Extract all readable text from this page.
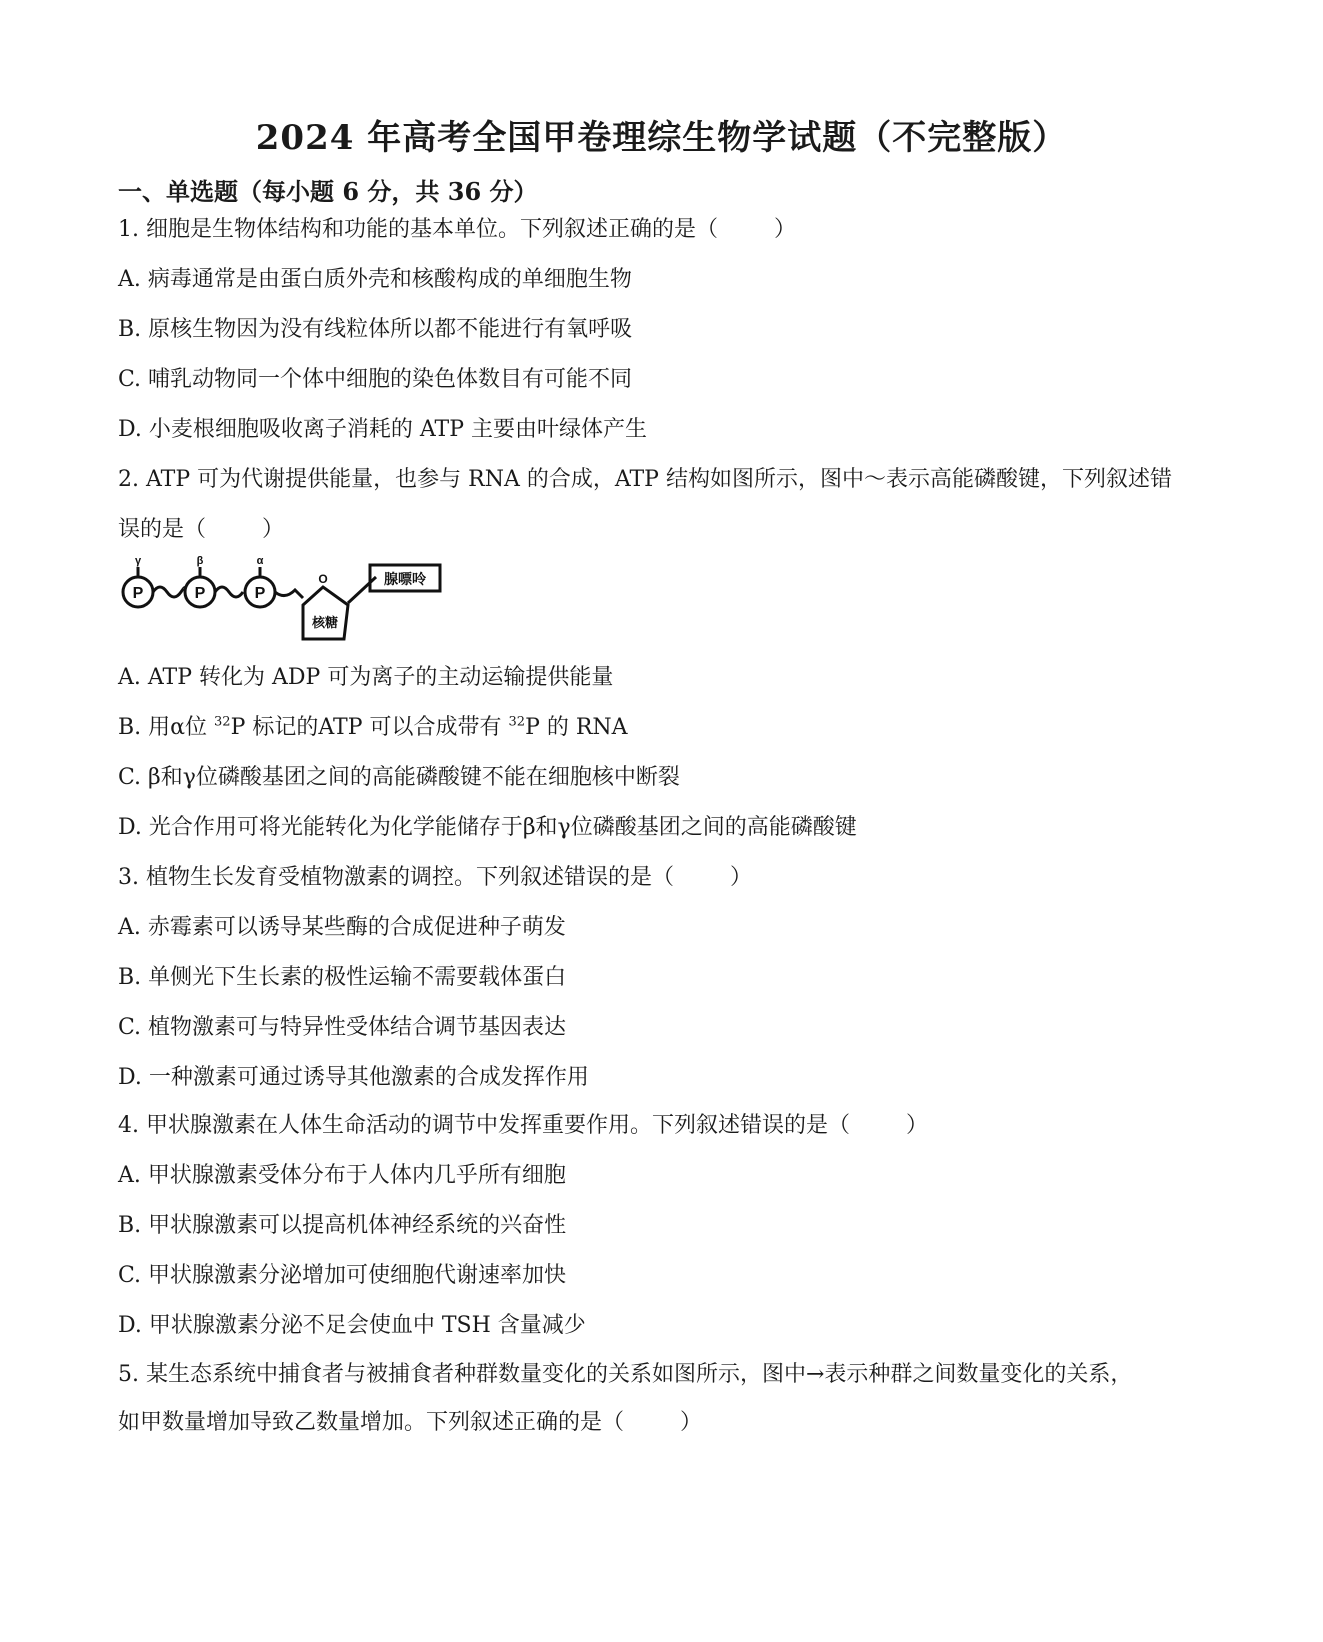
2024 年高考全国甲卷理综生物学试题（不完整版）
一、单选题（每小题 6 分，共 36 分）
1. 细胞是生物体结构和功能的基本单位。下列叙述正确的是（	）
A. 病毒通常是由蛋白质外壳和核酸构成的单细胞生物
B. 原核生物因为没有线粒体所以都不能进行有氧呼吸
C. 哺乳动物同一个体中细胞的染色体数目有可能不同
D. 小麦根细胞吸收离子消耗的 ATP 主要由叶绿体产生
2. ATP 可为代谢提供能量，也参与 RNA 的合成，ATP 结构如图所示，图中～表示高能磷酸键，下列叙述错
误的是（	）
P	P	P
γ	β	α
O
核糖
腺嘌呤
A. ATP 转化为 ADP 可为离子的主动运输提供能量
B. 用α位 $^{32}$P 标记的ATP 可以合成带有 $^{32}$P 的 RNA
C. β和γ位磷酸基团之间的高能磷酸键不能在细胞核中断裂
D. 光合作用可将光能转化为化学能储存于β和γ位磷酸基团之间的高能磷酸键
3. 植物生长发育受植物激素的调控。下列叙述错误的是（	）
A. 赤霉素可以诱导某些酶的合成促进种子萌发
B. 单侧光下生长素的极性运输不需要载体蛋白
C. 植物激素可与特异性受体结合调节基因表达
D. 一种激素可通过诱导其他激素的合成发挥作用
4. 甲状腺激素在人体生命活动的调节中发挥重要作用。下列叙述错误的是（	）
A. 甲状腺激素受体分布于人体内几乎所有细胞
B. 甲状腺激素可以提高机体神经系统的兴奋性
C. 甲状腺激素分泌增加可使细胞代谢速率加快
D. 甲状腺激素分泌不足会使血中 TSH 含量减少
5. 某生态系统中捕食者与被捕食者种群数量变化的关系如图所示，图中→表示种群之间数量变化的关系，
如甲数量增加导致乙数量增加。下列叙述正确的是（	）
